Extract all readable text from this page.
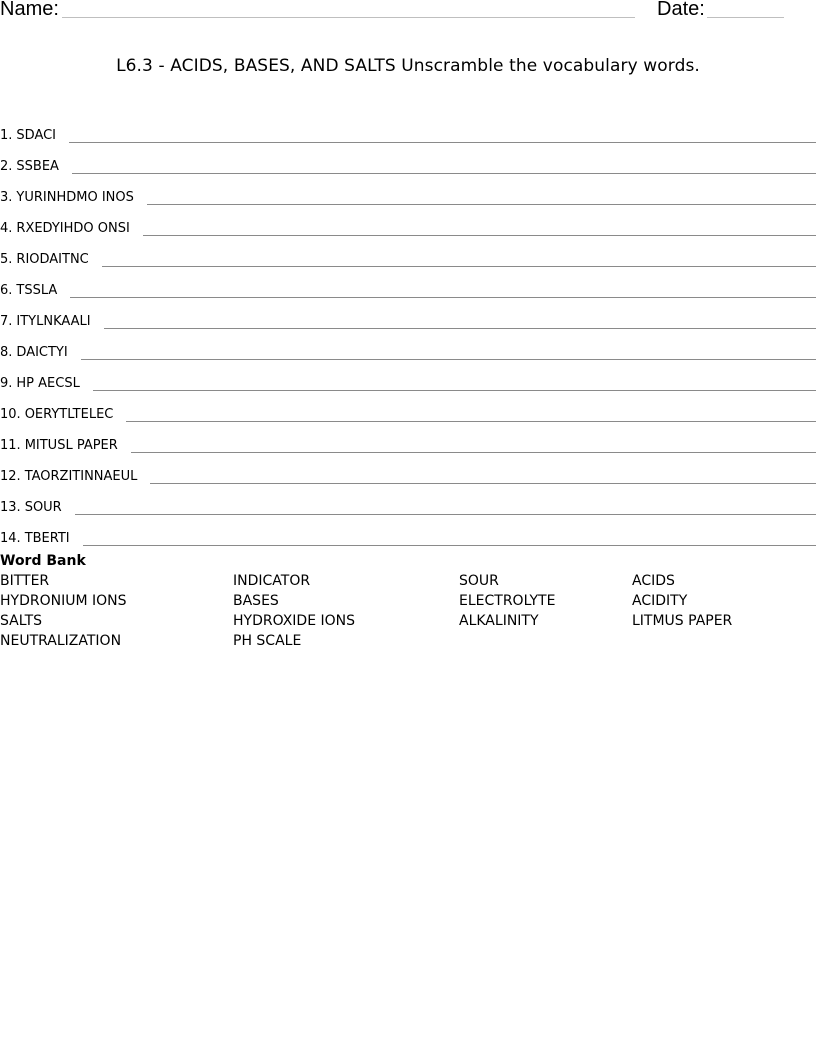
Name:	Date:
L6.3 - ACIDS, BASES, AND SALTS Unscramble the vocabulary words.
1. SDACI
2. SSBEA
3. YURINHDMO INOS
4. RXEDYIHDO ONSI
5. RIODAITNC
6. TSSLA
7. ITYLNKAALI
8. DAICTYI
9. HP AECSL
10. OERYTLTELEC
11. MITUSL PAPER
12. TAORZITINNAEUL
13. SOUR
14. TBERTI
Word Bank
BITTER	INDICATOR	SOUR	ACIDS
HYDRONIUM IONS	BASES	ELECTROLYTE	ACIDITY
SALTS	HYDROXIDE IONS	ALKALINITY	LITMUS PAPER
NEUTRALIZATION	PH SCALE
